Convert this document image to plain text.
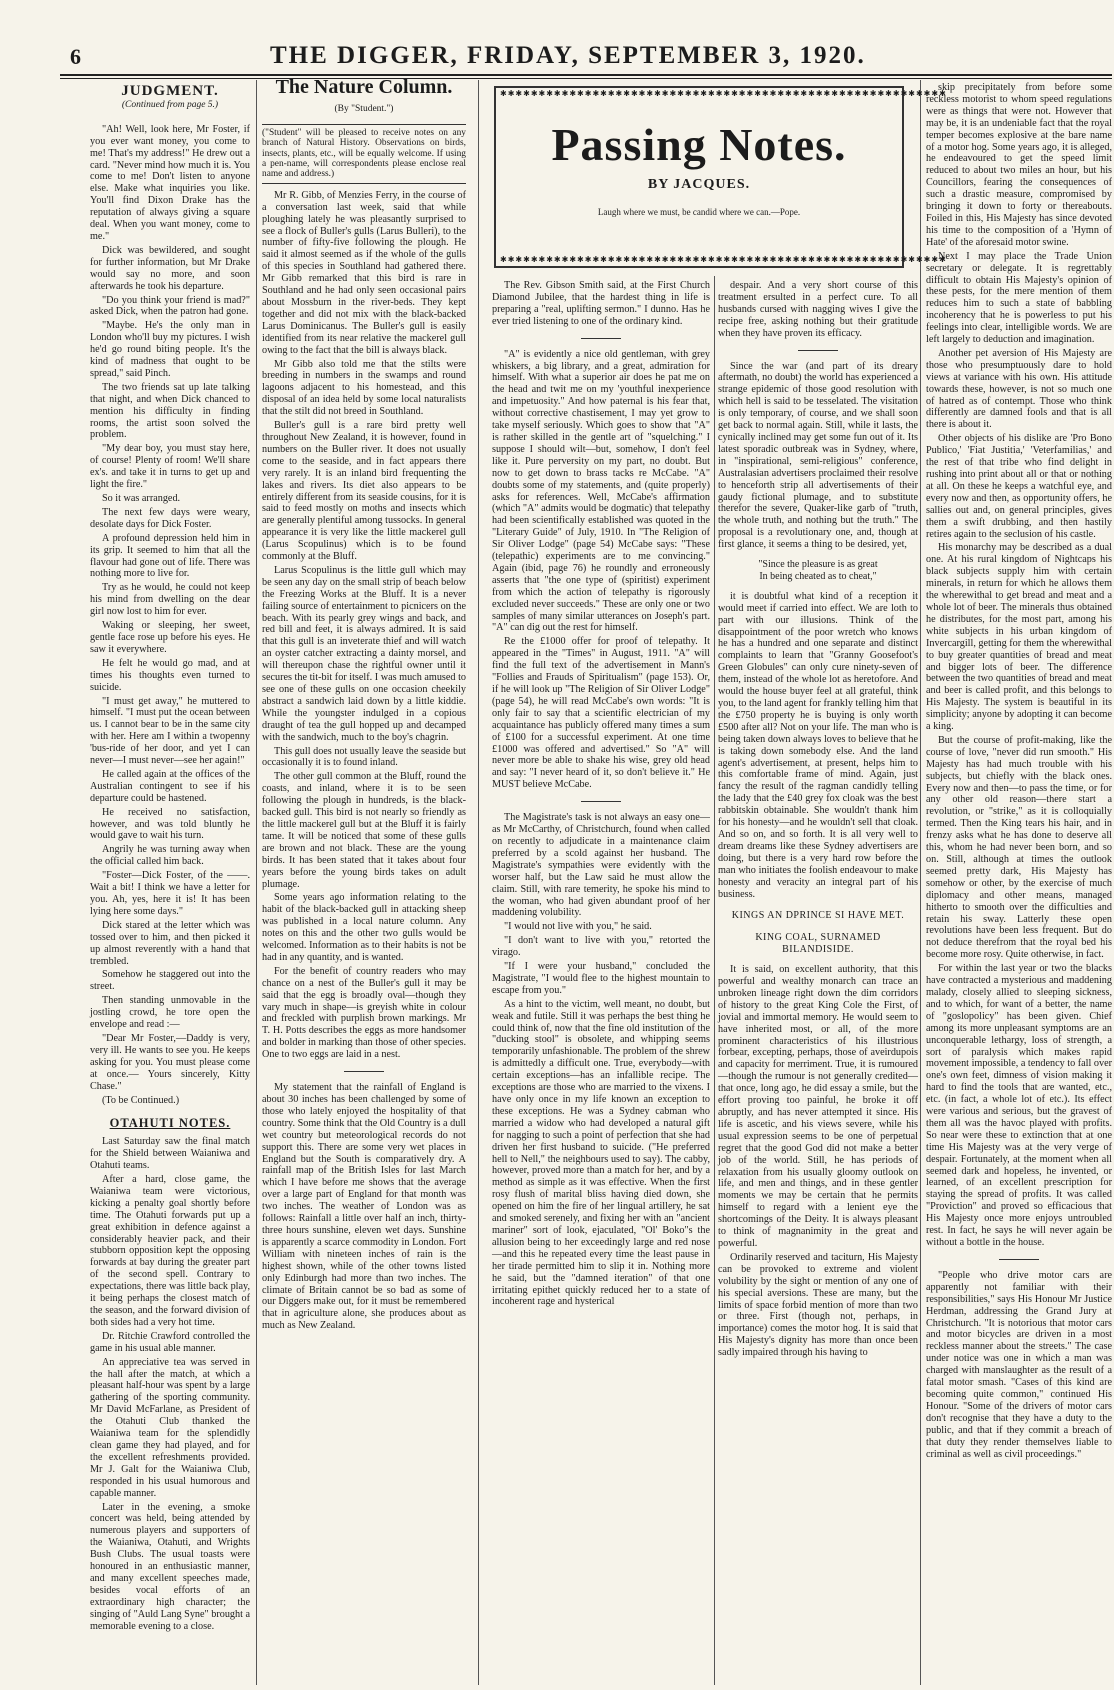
6	THE DIGGER, FRIDAY, SEPTEMBER 3, 1920.
JUDGMENT.
(Continued from page 5.)

"Ah! Well, look here, Mr Foster, if you ever want money, you come to me! That's my address!" He drew out a card. "Never mind how much it is. You come to me! Don't listen to anyone else. Make what inquiries you like. You'll find Dixon Drake has the reputation of always giving a square deal. When you want money, come to me."

Dick was bewildered, and sought for further information, but Mr Drake would say no more, and soon afterwards he took his departure.

"Do you think your friend is mad?" asked Dick, when the patron had gone.

"Maybe. He's the only man in London who'll buy my pictures. I wish he'd go round biting people. It's the kind of madness that ought to be spread," said Pinch.

The two friends sat up late talking that night, and when Dick chanced to mention his difficulty in finding rooms, the artist soon solved the problem.

"My dear boy, you must stay here, of course! Plenty of room! We'll share ex's. and take it in turns to get up and light the fire."

So it was arranged.

The next few days were weary, desolate days for Dick Foster.

A profound depression held him in its grip. It seemed to him that all the flavour had gone out of life. There was nothing more to live for.

Try as he would, he could not keep his mind from dwelling on the dear girl now lost to him for ever.

Waking or sleeping, her sweet, gentle face rose up before his eyes. He saw it everywhere.

He felt he would go mad, and at times his thoughts even turned to suicide.

"I must get away," he muttered to himself. "I must put the ocean between us. I cannot bear to be in the same city with her. Here am I within a twopenny 'bus-ride of her door, and yet I can never—I must never—see her again!"

He called again at the offices of the Australian contingent to see if his departure could be hastened.

He received no satisfaction, however, and was told bluntly he would gave to wait his turn.

Angrily he was turning away when the official called him back.

"Foster—Dick Foster, of the ——. Wait a bit! I think we have a letter for you. Ah, yes, here it is! It has been lying here some days."

Dick stared at the letter which was tossed over to him, and then picked it up almost reverently with a hand that trembled.

Somehow he staggered out into the street.

Then standing unmovable in the jostling crowd, he tore open the envelope and read :—

"Dear Mr Foster,—Daddy is very, very ill. He wants to see you. He keeps asking for you. You must please come at once.— Yours sincerely, Kitty Chase."

(To be Continued.)

OTAHUTI NOTES.

Last Saturday saw the final match for the Shield between Waianiwa and Otahuti teams.

After a hard, close game, the Waianiwa team were victorious, kicking a penalty goal shortly before time. The Otahuti forwards put up a great exhibition in defence against a considerably heavier pack, and their stubborn opposition kept the opposing forwards at bay during the greater part of the second spell. Contrary to expectations, there was little back play, it being perhaps the closest match of the season, and the forward division of both sides had a very hot time.

Dr. Ritchie Crawford controlled the game in his usual able manner.

An appreciative tea was served in the hall after the match, at which a pleasant half-hour was spent by a large gathering of the sporting community. Mr David McFarlane, as President of the Otahuti Club thanked the Waianiwa team for the splendidly clean game they had played, and for the excellent refreshments provided. Mr J. Galt for the Waianiwa Club, responded in his usual humorous and capable manner.

Later in the evening, a smoke concert was held, being attended by numerous players and supporters of the Waianiwa, Otahuti, and Wrights Bush Clubs. The usual toasts were honoured in an enthusiastic manner, and many excellent speeches made, besides vocal efforts of an extraordinary high character; the singing of "Auld Lang Syne" brought a memorable evening to a close.

The Nature Column.
(By "Student.")
("Student" will be pleased to receive notes on any branch of Natural History. Observations on birds, insects, plants, etc., will be equally welcome. If using a pen-name, will correspondents please enclose real name and address.)

Mr R. Gibb, of Menzies Ferry, in the course of a conversation last week, said that while ploughing lately he was pleasantly surprised to see a flock of Buller's gulls (Larus Bulleri), to the number of fifty-five following the plough. He said it almost seemed as if the whole of the gulls of this species in Southland had gathered there. Mr Gibb remarked that this bird is rare in Southland and he had only seen occasional pairs about Mossburn in the river-beds. They kept together and did not mix with the black-backed Larus Dominicanus. The Buller's gull is easily identified from its near relative the mackerel gull owing to the fact that the bill is always black.

Mr Gibb also told me that the stilts were breeding in numbers in the swamps and round lagoons adjacent to his homestead, and this disposal of an idea held by some local naturalists that the stilt did not breed in Southland.

Buller's gull is a rare bird pretty well throughout New Zealand, it is however, found in numbers on the Buller river. It does not usually come to the seaside, and in fact appears there very rarely. It is an inland bird frequenting the lakes and rivers. Its diet also appears to be entirely different from its seaside cousins, for it is said to feed mostly on moths and insects which are generally plentiful among tussocks. In general appearance it is very like the little mackerel gull (Larus Scopulinus) which is to be found commonly at the Bluff.

Larus Scopulinus is the little gull which may be seen any day on the small strip of beach below the Freezing Works at the Bluff. It is a never failing source of entertainment to picnicers on the beach. With its pearly grey wings and back, and red bill and feet, it is always admired. It is said that this gull is an inveterate thief and will watch an oyster catcher extracting a dainty morsel, and will thereupon chase the rightful owner until it secures the tit-bit for itself. I was much amused to see one of these gulls on one occasion cheekily abstract a sandwich laid down by a little kiddie. While the youngster indulged in a copious draught of tea the gull hopped up and decamped with the sandwich, much to the boy's chagrin.

This gull does not usually leave the seaside but occasionally it is to found inland.

The other gull common at the Bluff, round the coasts, and inland, where it is to be seen following the plough in hundreds, is the black-backed gull. This bird is not nearly so friendly as the little mackerel gull but at the Bluff it is fairly tame. It will be noticed that some of these gulls are brown and not black. These are the young birds. It has been stated that it takes about four years before the young birds takes on adult plumage.

Some years ago information relating to the habit of the black-backed gull in attacking sheep was published in a local nature column. Any notes on this and the other two gulls would be welcomed. Information as to their habits is not be had in any quantity, and is wanted.

For the benefit of country readers who may chance on a nest of the Buller's gull it may be said that the egg is broadly oval—though they vary much in shape—is greyish white in colour and freckled with purplish brown markings. Mr T. H. Potts describes the eggs as more handsomer and bolder in marking than those of other species. One to two eggs are laid in a nest.

My statement that the rainfall of England is about 30 inches has been challenged by some of those who lately enjoyed the hospitality of that country. Some think that the Old Country is a dull wet country but meteorological records do not support this. There are some very wet places in England but the South is comparatively dry. A rainfall map of the British Isles for last March which I have before me shows that the average over a large part of England for that month was two inches. The weather of London was as follows: Rainfall a little over half an inch, thirty-three hours sunshine, eleven wet days. Sunshine is apparently a scarce commodity in London. Fort William with nineteen inches of rain is the highest shown, while of the other towns listed only Edinburgh had more than two inches. The climate of Britain cannot be so bad as some of our Diggers make out, for it must be remembered that in agriculture alone, she produces about as much as New Zealand.

✱✱✱✱✱✱✱✱✱✱✱✱✱✱✱✱✱✱✱✱✱✱✱✱✱✱✱✱✱✱✱✱✱✱✱✱✱✱✱✱✱✱✱✱✱✱✱✱✱✱✱✱✱✱✱✱✱✱
Passing Notes.
BY JACQUES.
Laugh where we must, be candid where we can.—Pope.
✱✱✱✱✱✱✱✱✱✱✱✱✱✱✱✱✱✱✱✱✱✱✱✱✱✱✱✱✱✱✱✱✱✱✱✱✱✱✱✱✱✱✱✱✱✱✱✱✱✱✱✱✱✱✱✱✱✱

The Rev. Gibson Smith said, at the First Church Diamond Jubilee, that the hardest thing in life is preparing a "real, uplifting sermon." I dunno. Has he ever tried listening to one of the ordinary kind.

"A" is evidently a nice old gentleman, with grey whiskers, a big library, and a great, admiration for himself. With what a superior air does he pat me on the head and twit me on my 'youthful inexperience and impetuosity." And how paternal is his fear that, without corrective chastisement, I may yet grow to take myself seriously. Which goes to show that "A" is rather skilled in the gentle art of "squelching." I suppose I should wilt—but, somehow, I don't feel like it. Pure perversity on my part, no doubt. But now to get down to brass tacks re McCabe. "A" doubts some of my statements, and (quite properly) asks for references. Well, McCabe's affirmation (which "A" admits would be dogmatic) that telepathy had been scientifically established was quoted in the "Literary Guide" of July, 1910. In "The Religion of Sir Oliver Lodge" (page 54) McCabe says: "These (telepathic) experiments are to me convincing." Again (ibid, page 76) he roundly and erroneously asserts that "the one type of (spiritist) experiment from which the action of telepathy is rigorously excluded never succeeds." These are only one or two samples of many similar utterances on Joseph's part. "A" can dig out the rest for himself.

Re the £1000 offer for proof of telepathy. It appeared in the "Times" in August, 1911. "A" will find the full text of the advertisement in Mann's "Follies and Frauds of Spiritualism" (page 153). Or, if he will look up "The Religion of Sir Oliver Lodge" (page 54), he will read McCabe's own words: "It is only fair to say that a scientific electrician of my acquaintance has publicly offered many times a sum of £100 for a successful experiment. At one time £1000 was offered and advertised." So "A" will never more be able to shake his wise, grey old head and say: "I never heard of it, so don't believe it." He MUST believe McCabe.

The Magistrate's task is not always an easy one—as Mr McCarthy, of Christchurch, found when called on recently to adjudicate in a maintenance claim preferred by a scold against her husband. The Magistrate's sympathies were evidently with the worser half, but the Law said he must allow the claim. Still, with rare temerity, he spoke his mind to the woman, who had given abundant proof of her maddening volubility.

"I would not live with you," he said.

"I don't want to live with you," retorted the virago.

"If I were your husband," concluded the Magistrate, "I would flee to the highest mountain to escape from you."

As a hint to the victim, well meant, no doubt, but weak and futile. Still it was perhaps the best thing he could think of, now that the fine old institution of the "ducking stool" is obsolete, and whipping seems temporarily unfashionable. The problem of the shrew is admittedly a difficult one. True, everybody—with certain exceptions—has an infallible recipe. The exceptions are those who are married to the vixens. I have only once in my life known an exception to these exceptions. He was a Sydney cabman who married a widow who had developed a natural gift for nagging to such a point of perfection that she had driven her first husband to suicide. ("He preferred hell to Nell," the neighbours used to say). The cabby, however, proved more than a match for her, and by a method as simple as it was effective. When the first rosy flush of marital bliss having died down, she opened on him the fire of her lingual artillery, he sat and smoked serenely, and fixing her with an "ancient mariner" sort of look, ejaculated, "Ol' Boko"s the allusion being to her exceedingly large and red nose—and this he repeated every time the least pause in her tirade permitted him to slip it in. Nothing more he said, but the "damned iteration" of that one irritating epithet quickly reduced her to a state of incoherent rage and hysterical

despair. And a very short course of this treatment ersulted in a perfect cure. To all husbands cursed with nagging wives I give the recipe free, asking nothing but their gratitude when they have proven its efficacy.

Since the war (and part of its dreary aftermath, no doubt) the world has experienced a strange epidemic of those good resolution with which hell is said to be tesselated. The visitation is only temporary, of course, and we shall soon get back to normal again. Still, while it lasts, the cynically inclined may get some fun out of it. Its latest sporadic outbreak was in Sydney, where, in "inspirational, semi-religious" conference, Australasian advertisers proclaimed their resolve to henceforth strip all advertisements of their gaudy fictional plumage, and to substitute therefor the severe, Quaker-like garb of "truth, the whole truth, and nothing but the truth." The proposal is a revolutionary one, and, though at first glance, it seems a thing to be desired, yet,

"Since the pleasure is as great
In being cheated as to cheat,"

it is doubtful what kind of a reception it would meet if carried into effect. We are loth to part with our illusions. Think of the disappointment of the poor wretch who knows he has a hundred and one separate and distinct complaints to learn that "Granny Goosefoot's Green Globules" can only cure ninety-seven of them, instead of the whole lot as heretofore. And would the house buyer feel at all grateful, think you, to the land agent for frankly telling him that the £750 property he is buying is only worth £500 after all? Not on your life. The man who is being taken down always loves to believe that he is taking down somebody else. And the land agent's advertisement, at present, helps him to this comfortable frame of mind. Again, just fancy the result of the ragman candidly telling the lady that the £40 grey fox cloak was the best rabbitskin obtainable. She wouldn't thank him for his honesty—and he wouldn't sell that cloak. And so on, and so forth. It is all very well to dream dreams like these Sydney advertisers are doing, but there is a very hard row before the man who initiates the foolish endeavour to make honesty and veracity an integral part of his business.

KINGS AN DPRINCE SI HAVE MET.
KING COAL, SURNAMED BILANDISIDE.

It is said, on excellent authority, that this powerful and wealthy monarch can trace an unbroken lineage right down the dim corridors of history to the great King Cole the First, of jovial and immortal memory. He would seem to have inherited most, or all, of the more prominent characteristics of his illustrious forbear, excepting, perhaps, those of aveirdupois and capacity for merriment. True, it is rumoured—though the rumour is not generally credited—that once, long ago, he did essay a smile, but the effort proving too painful, he broke it off abruptly, and has never attempted it since. His life is ascetic, and his views severe, while his usual expression seems to be one of perpetual regret that the good God did not make a better job of the world. Still, he has periods of relaxation from his usually gloomy outlook on life, and men and things, and in these gentler moments we may be certain that he permits himself to regard with a lenient eye the shortcomings of the Deity. It is always pleasant to think of magnanimity in the great and powerful.

Ordinarily reserved and taciturn, His Majesty can be provoked to extreme and violent volubility by the sight or mention of any one of his special aversions. These are many, but the limits of space forbid mention of more than two or three. First (though not, perhaps, in importance) comes the motor hog. It is said that His Majesty's dignity has more than once been sadly impaired through his having to

skip precipitately from before some reckless motorist to whom speed regulations were as things that were not. However that may be, it is an undeniable fact that the royal temper becomes explosive at the bare name of a motor hog. Some years ago, it is alleged, he endeavoured to get the speed limit reduced to about two miles an hour, but his Councillors, fearing the consequences of such a drastic measure, compromised by bringing it down to forty or thereabouts. Foiled in this, His Majesty has since devoted his time to the composition of a 'Hymn of Hate' of the aforesaid motor swine.

Next I may place the Trade Union secretary or delegate. It is regrettably difficult to obtain His Majesty's opinion of these pests, for the mere mention of them reduces him to such a state of babbling incoherency that he is powerless to put his feelings into clear, intelligible words. We are left largely to deduction and imagination.

Another pet aversion of His Majesty are those who presumptuously dare to hold views at variance with his own. His attitude towards these, however, is not so much one of hatred as of contempt. Those who think differently are damned fools and that is all there is about it.

Other objects of his dislike are 'Pro Bono Publico,' 'Fiat Justitia,' 'Veterfamilias,' and the rest of that tribe who find delight in rushing into print about all or that or nothing at all. On these he keeps a watchful eye, and every now and then, as opportunity offers, he sallies out and, on general principles, gives them a swift drubbing, and then hastily retires again to the seclusion of his castle.

His monarchy may be described as a dual one. At his rural kingdom of Nightcaps his black subjects supply him with certain minerals, in return for which he allows them the wherewithal to get bread and meat and a whole lot of beer. The minerals thus obtained he distributes, for the most part, among his white subjects in his urban kingdom of Invercargill, getting for them the wherewithal to buy greater quantities of bread and meat and bigger lots of beer. The difference between the two quantities of bread and meat and beer is called profit, and this belongs to His Majesty. The system is beautiful in its simplicity; anyone by adopting it can become a king.

But the course of profit-making, like the course of love, "never did run smooth." His Majesty has had much trouble with his subjects, but chiefly with the black ones. Every now and then—to pass the time, or for any other old reason—there start a revolution, or "strike," as it is colloquially termed. Then the King tears his hair, and in frenzy asks what he has done to deserve all this, whom he had never been born, and so on. Still, although at times the outlook seemed pretty dark, His Majesty has somehow or other, by the exercise of much diplomacy and other means, managed hitherto to smooth over the difficulties and retain his sway. Latterly these open revolutions have been less frequent. But do not deduce therefrom that the royal bed his become more rosy. Quite otherwise, in fact.

For within the last year or two the blacks have contracted a mysterious and maddening malady, closely allied to sleeping sickness, and to which, for want of a better, the name of "goslopolicy" has been given. Chief among its more unpleasant symptoms are an unconquerable lethargy, loss of strength, a sort of paralysis which makes rapid movement impossible, a tendency to fall over one's own feet, dimness of vision making it hard to find the tools that are wanted, etc., etc. (in fact, a whole lot of etc.). Its effect were various and serious, but the gravest of them all was the havoc played with profits. So near were these to extinction that at one time His Majesty was at the very verge of despair. Fortunately, at the moment when all seemed dark and hopeless, he invented, or learned, of an excellent prescription for staying the spread of profits. It was called "Proviction" and proved so efficacious that His Majesty once more enjoys untroubled rest. In fact, he says he will never again be without a bottle in the house.

"People who drive motor cars are apparently not familiar with their responsibilities," says His Honour Mr Justice Herdman, addressing the Grand Jury at Christchurch. "It is notorious that motor cars and motor bicycles are driven in a most reckless manner about the streets." The case under notice was one in which a man was charged with manslaughter as the result of a fatal motor smash. "Cases of this kind are becoming quite common," continued His Honour. "Some of the drivers of motor cars don't recognise that they have a duty to the public, and that if they commit a breach of that duty they render themselves liable to criminal as well as civil proceedings."
